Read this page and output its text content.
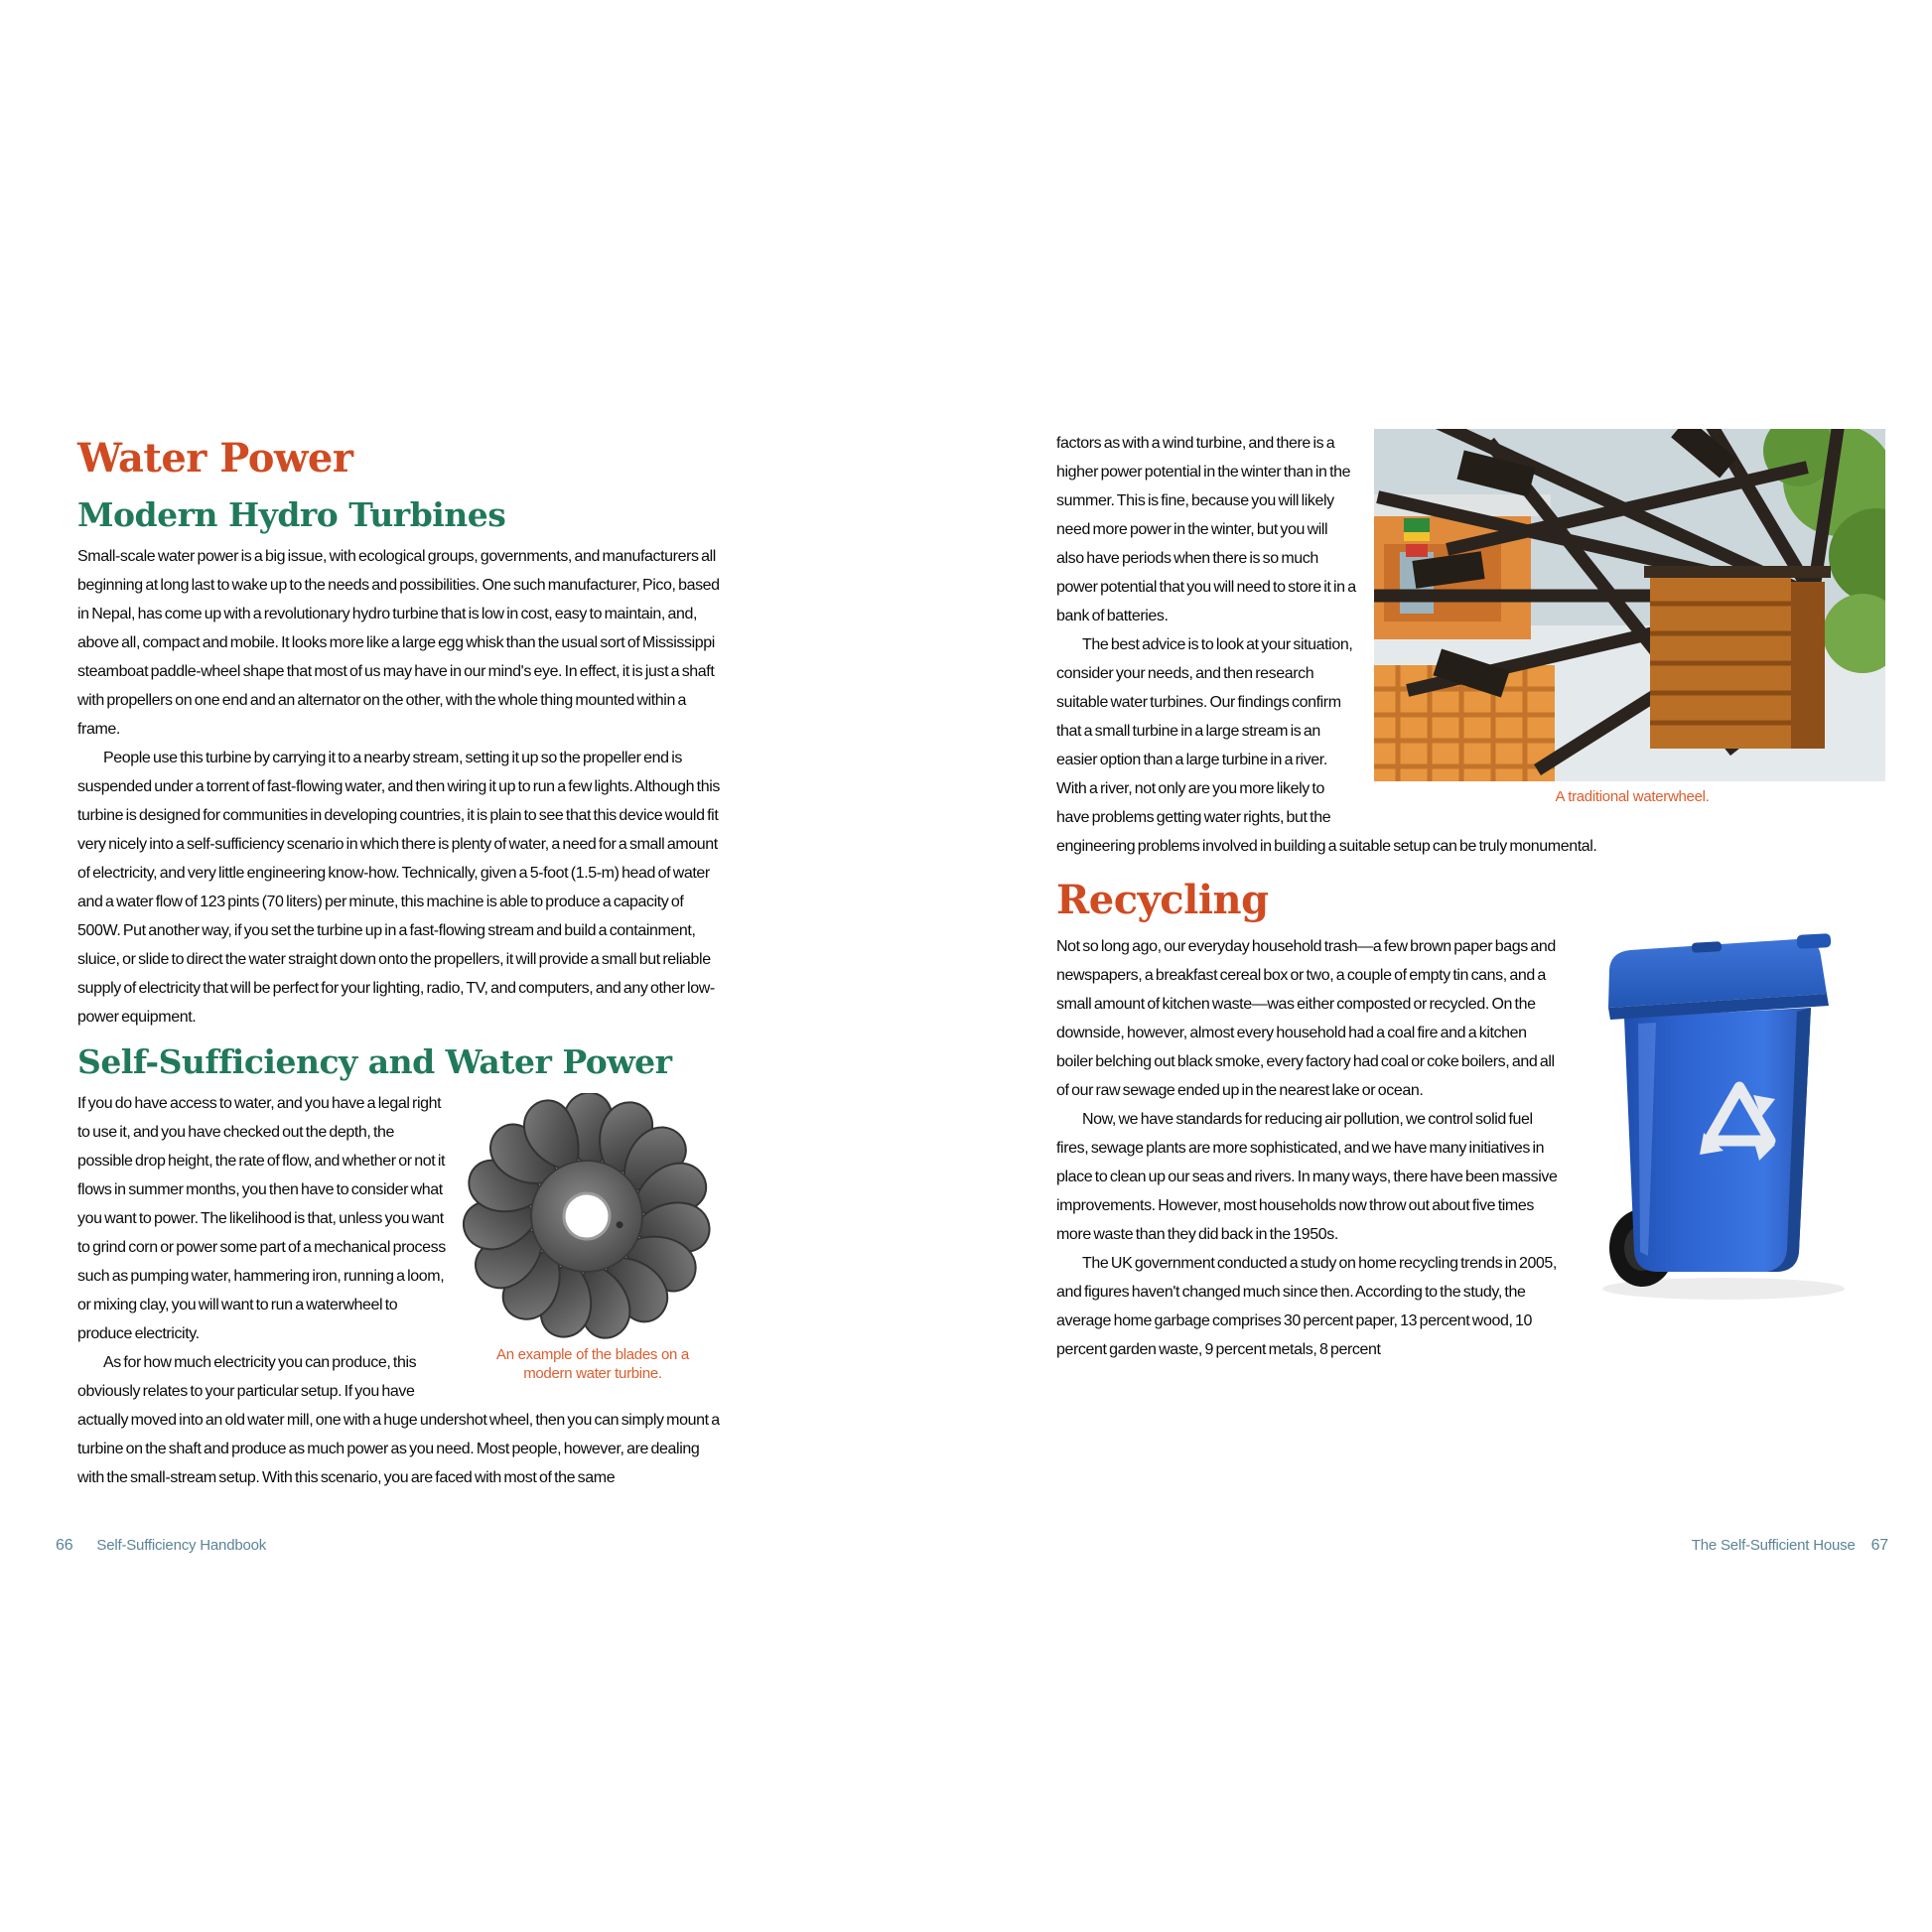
Water Power
Modern Hydro Turbines

Small-scale water power is a big issue, with ecological groups, governments, and manufacturers all beginning at long last to wake up to the needs and possibilities. One such manufacturer, Pico, based in Nepal, has come up with a revolutionary hydro turbine that is low in cost, easy to maintain, and, above all, compact and mobile. It looks more like a large egg whisk than the usual sort of Mississippi steamboat paddle-wheel shape that most of us may have in our mind's eye. In effect, it is just a shaft with propellers on one end and an alternator on the other, with the whole thing mounted within a frame.

People use this turbine by carrying it to a nearby stream, setting it up so the propeller end is suspended under a torrent of fast-flowing water, and then wiring it up to run a few lights. Although this turbine is designed for communities in developing countries, it is plain to see that this device would fit very nicely into a self-sufficiency scenario in which there is plenty of water, a need for a small amount of electricity, and very little engineering know-how. Technically, given a 5-foot (1.5-m) head of water and a water flow of 123 pints (70 liters) per minute, this machine is able to produce a capacity of 500W. Put another way, if you set the turbine up in a fast-flowing stream and build a containment, sluice, or slide to direct the water straight down onto the propellers, it will provide a small but reliable supply of electricity that will be perfect for your lighting, radio, TV, and computers, and any other low-power equipment.

Self-Sufficiency and Water Power
An example of the blades on a modern water turbine.

If you do have access to water, and you have a legal right to use it, and you have checked out the depth, the possible drop height, the rate of flow, and whether or not it flows in summer months, you then have to consider what you want to power. The likelihood is that, unless you want to grind corn or power some part of a mechanical process such as pumping water, hammering iron, running a loom, or mixing clay, you will want to run a waterwheel to produce electricity.

As for how much electricity you can produce, this obviously relates to your particular setup. If you have actually moved into an old water mill, one with a huge undershot wheel, then you can simply mount a turbine on the shaft and produce as much power as you need. Most people, however, are dealing with the small-stream setup. With this scenario, you are faced with most of the same

A traditional waterwheel.

factors as with a wind turbine, and there is a higher power potential in the winter than in the summer. This is fine, because you will likely need more power in the winter, but you will also have periods when there is so much power potential that you will need to store it in a bank of batteries.

The best advice is to look at your situation, consider your needs, and then research suitable water turbines. Our findings confirm that a small turbine in a large stream is an easier option than a large turbine in a river. With a river, not only are you more likely to have problems getting water rights, but the engineering problems involved in building a suitable setup can be truly monumental.

Recycling

Not so long ago, our everyday household trash—a few brown paper bags and newspapers, a breakfast cereal box or two, a couple of empty tin cans, and a small amount of kitchen waste—was either composted or recycled. On the downside, however, almost every household had a coal fire and a kitchen boiler belching out black smoke, every factory had coal or coke boilers, and all of our raw sewage ended up in the nearest lake or ocean.

Now, we have standards for reducing air pollution, we control solid fuel fires, sewage plants are more sophisticated, and we have many initiatives in place to clean up our seas and rivers. In many ways, there have been massive improvements. However, most households now throw out about five times more waste than they did back in the 1950s.

The UK government conducted a study on home recycling trends in 2005, and figures haven't changed much since then. According to the study, the average home garbage comprises 30 percent paper, 13 percent wood, 10 percent garden waste, 9 percent metals, 8 percent

66 Self-Sufficiency Handbook	The Self-Sufficient House 67
